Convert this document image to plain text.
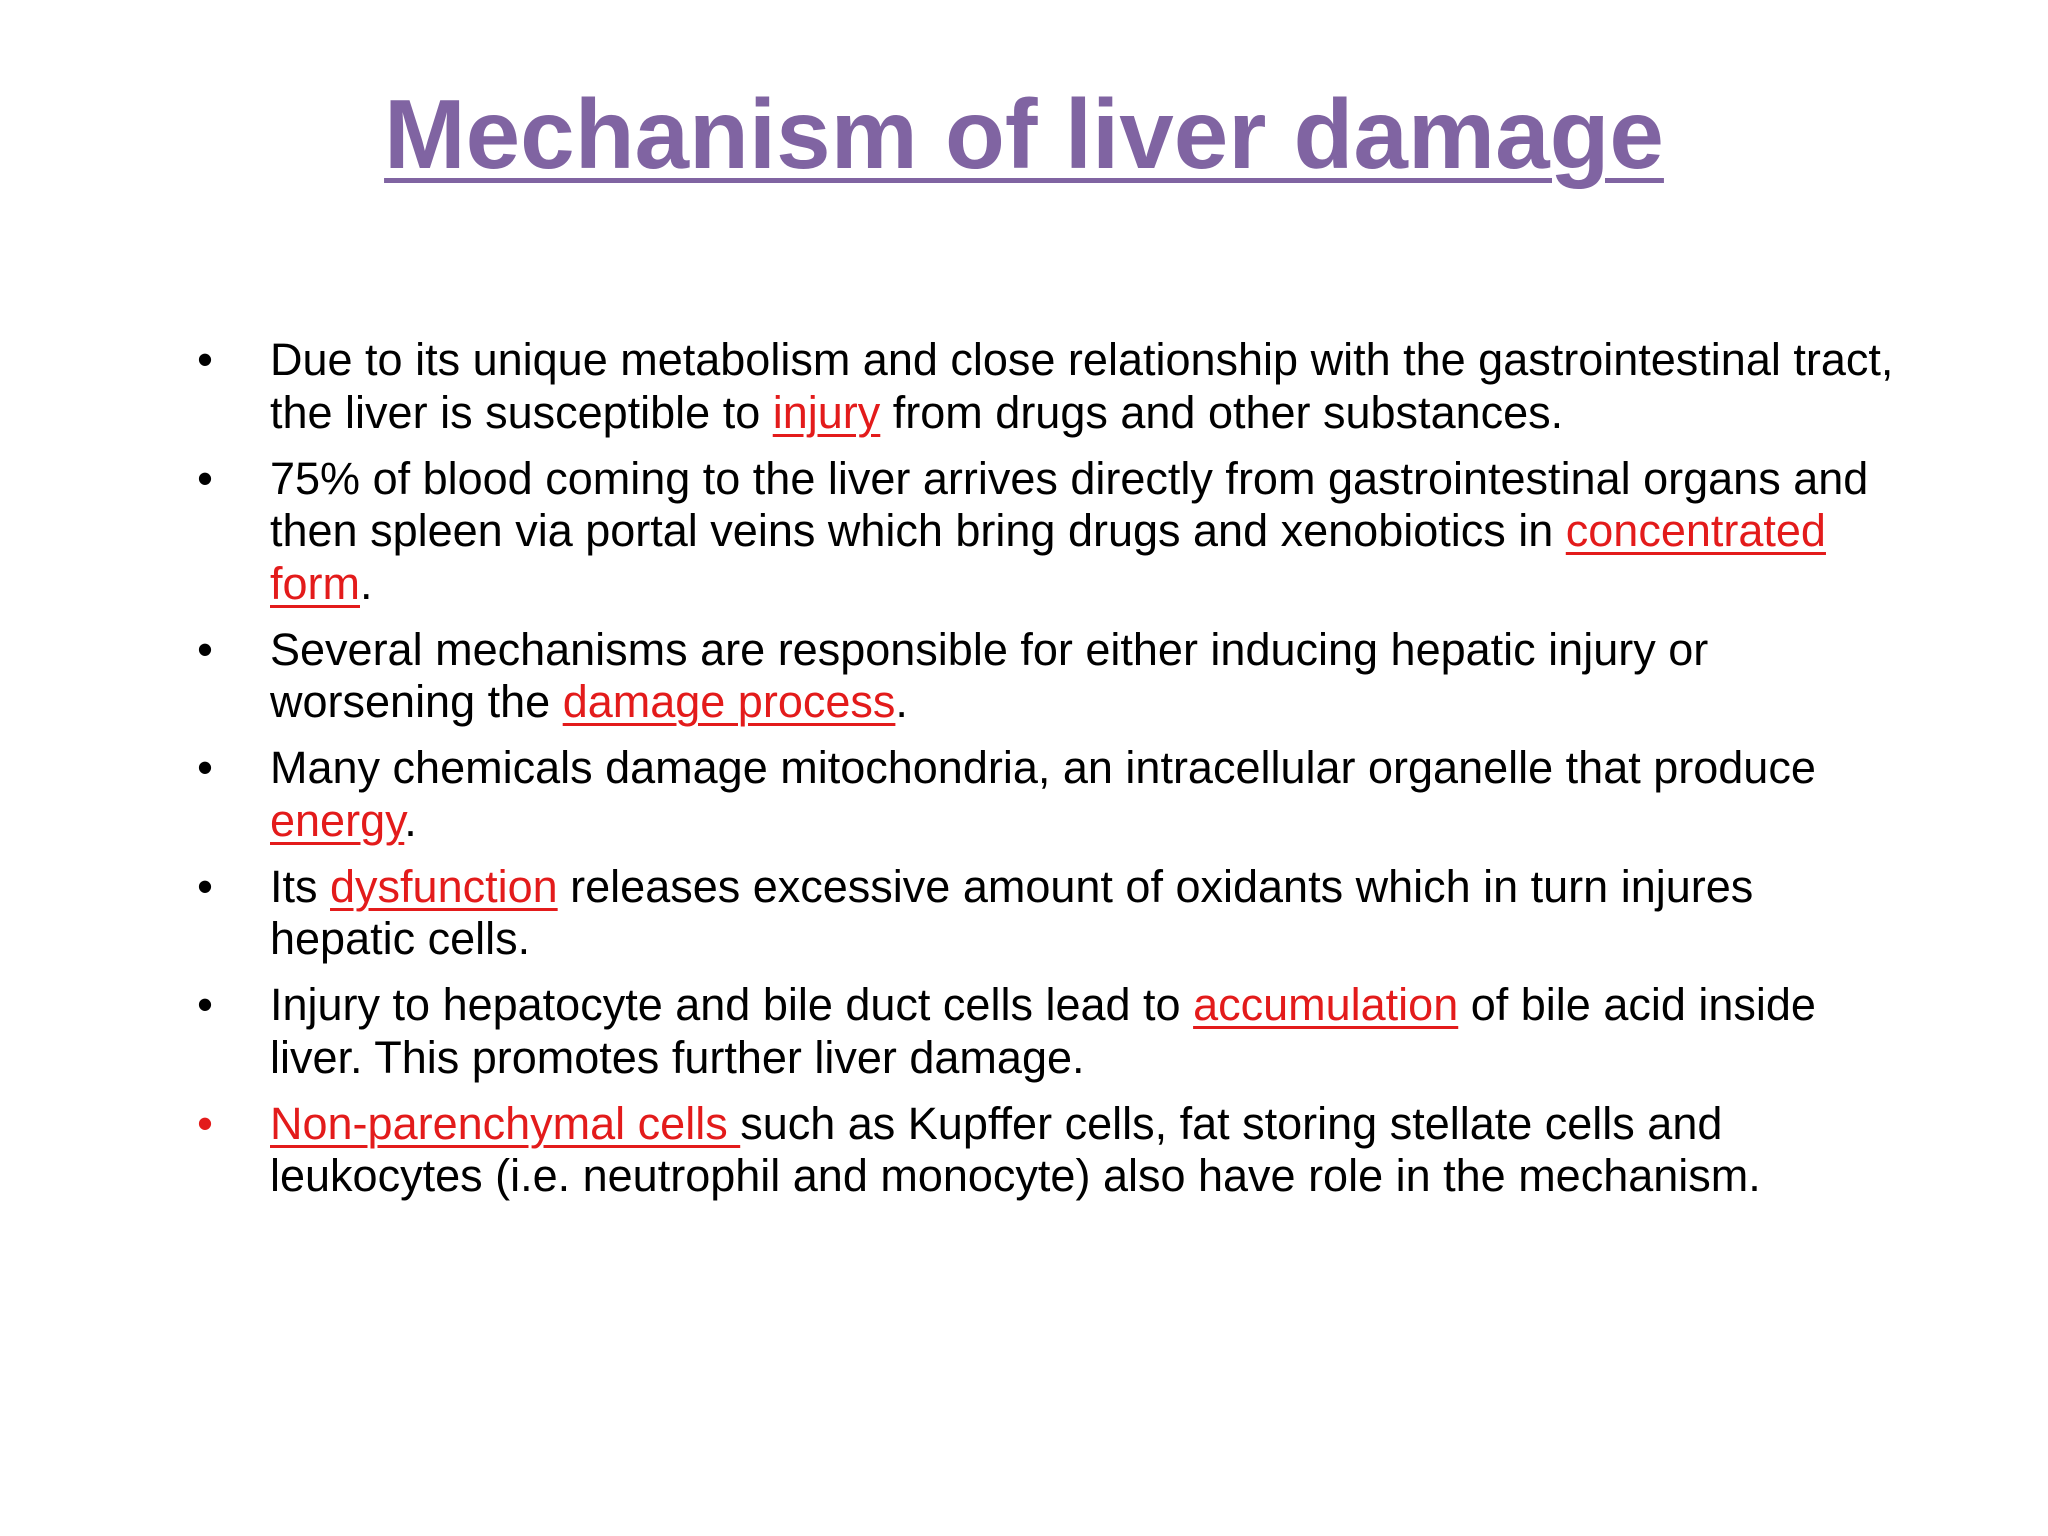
Mechanism of liver damage
• Due to its unique metabolism and close relationship with the gastrointestinal tract, the liver is susceptible to injury from drugs and other substances.
• 75% of blood coming to the liver arrives directly from gastrointestinal organs and then spleen via portal veins which bring drugs and xenobiotics in concentrated form.
• Several mechanisms are responsible for either inducing hepatic injury or worsening the damage process.
• Many chemicals damage mitochondria, an intracellular organelle that produce energy.
• Its dysfunction releases excessive amount of oxidants which in turn injures hepatic cells.
• Injury to hepatocyte and bile duct cells lead to accumulation of bile acid inside liver. This promotes further liver damage.
• Non-parenchymal cells such as Kupffer cells, fat storing stellate cells and leukocytes (i.e. neutrophil and monocyte) also have role in the mechanism.
